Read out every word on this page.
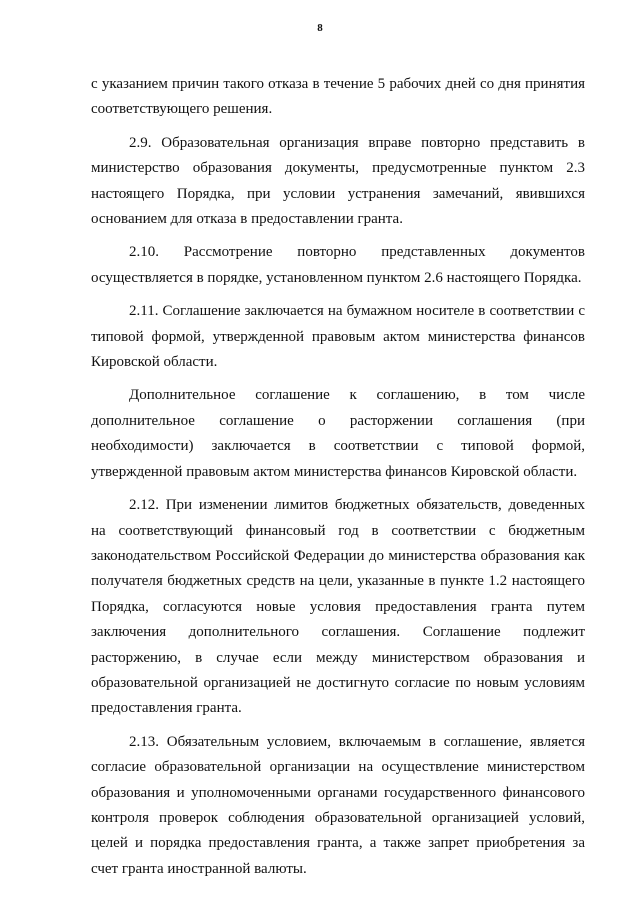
8

с указанием причин такого отказа в течение 5 рабочих дней со дня принятия соответствующего решения.

2.9. Образовательная организация вправе повторно представить в министерство образования документы, предусмотренные пунктом 2.3 настоящего Порядка, при условии устранения замечаний, явившихся основанием для отказа в предоставлении гранта.

2.10. Рассмотрение повторно представленных документов осуществляется в порядке, установленном пунктом 2.6 настоящего Порядка.

2.11. Соглашение заключается на бумажном носителе в соответствии с типовой формой, утвержденной правовым актом министерства финансов Кировской области.

Дополнительное соглашение к соглашению, в том числе дополнительное соглашение о расторжении соглашения (при необходимости) заключается в соответствии с типовой формой, утвержденной правовым актом министерства финансов Кировской области.

2.12. При изменении лимитов бюджетных обязательств, доведенных на соответствующий финансовый год в соответствии с бюджетным законодательством Российской Федерации до министерства образования как получателя бюджетных средств на цели, указанные в пункте 1.2 настоящего Порядка, согласуются новые условия предоставления гранта путем заключения дополнительного соглашения. Соглашение подлежит расторжению, в случае если между министерством образования и образовательной организацией не достигнуто согласие по новым условиям предоставления гранта.

2.13. Обязательным условием, включаемым в соглашение, является согласие образовательной организации на осуществление министерством образования и уполномоченными органами государственного финансового контроля проверок соблюдения образовательной организацией условий, целей и порядка предоставления гранта, а также запрет приобретения за счет гранта иностранной валюты.
